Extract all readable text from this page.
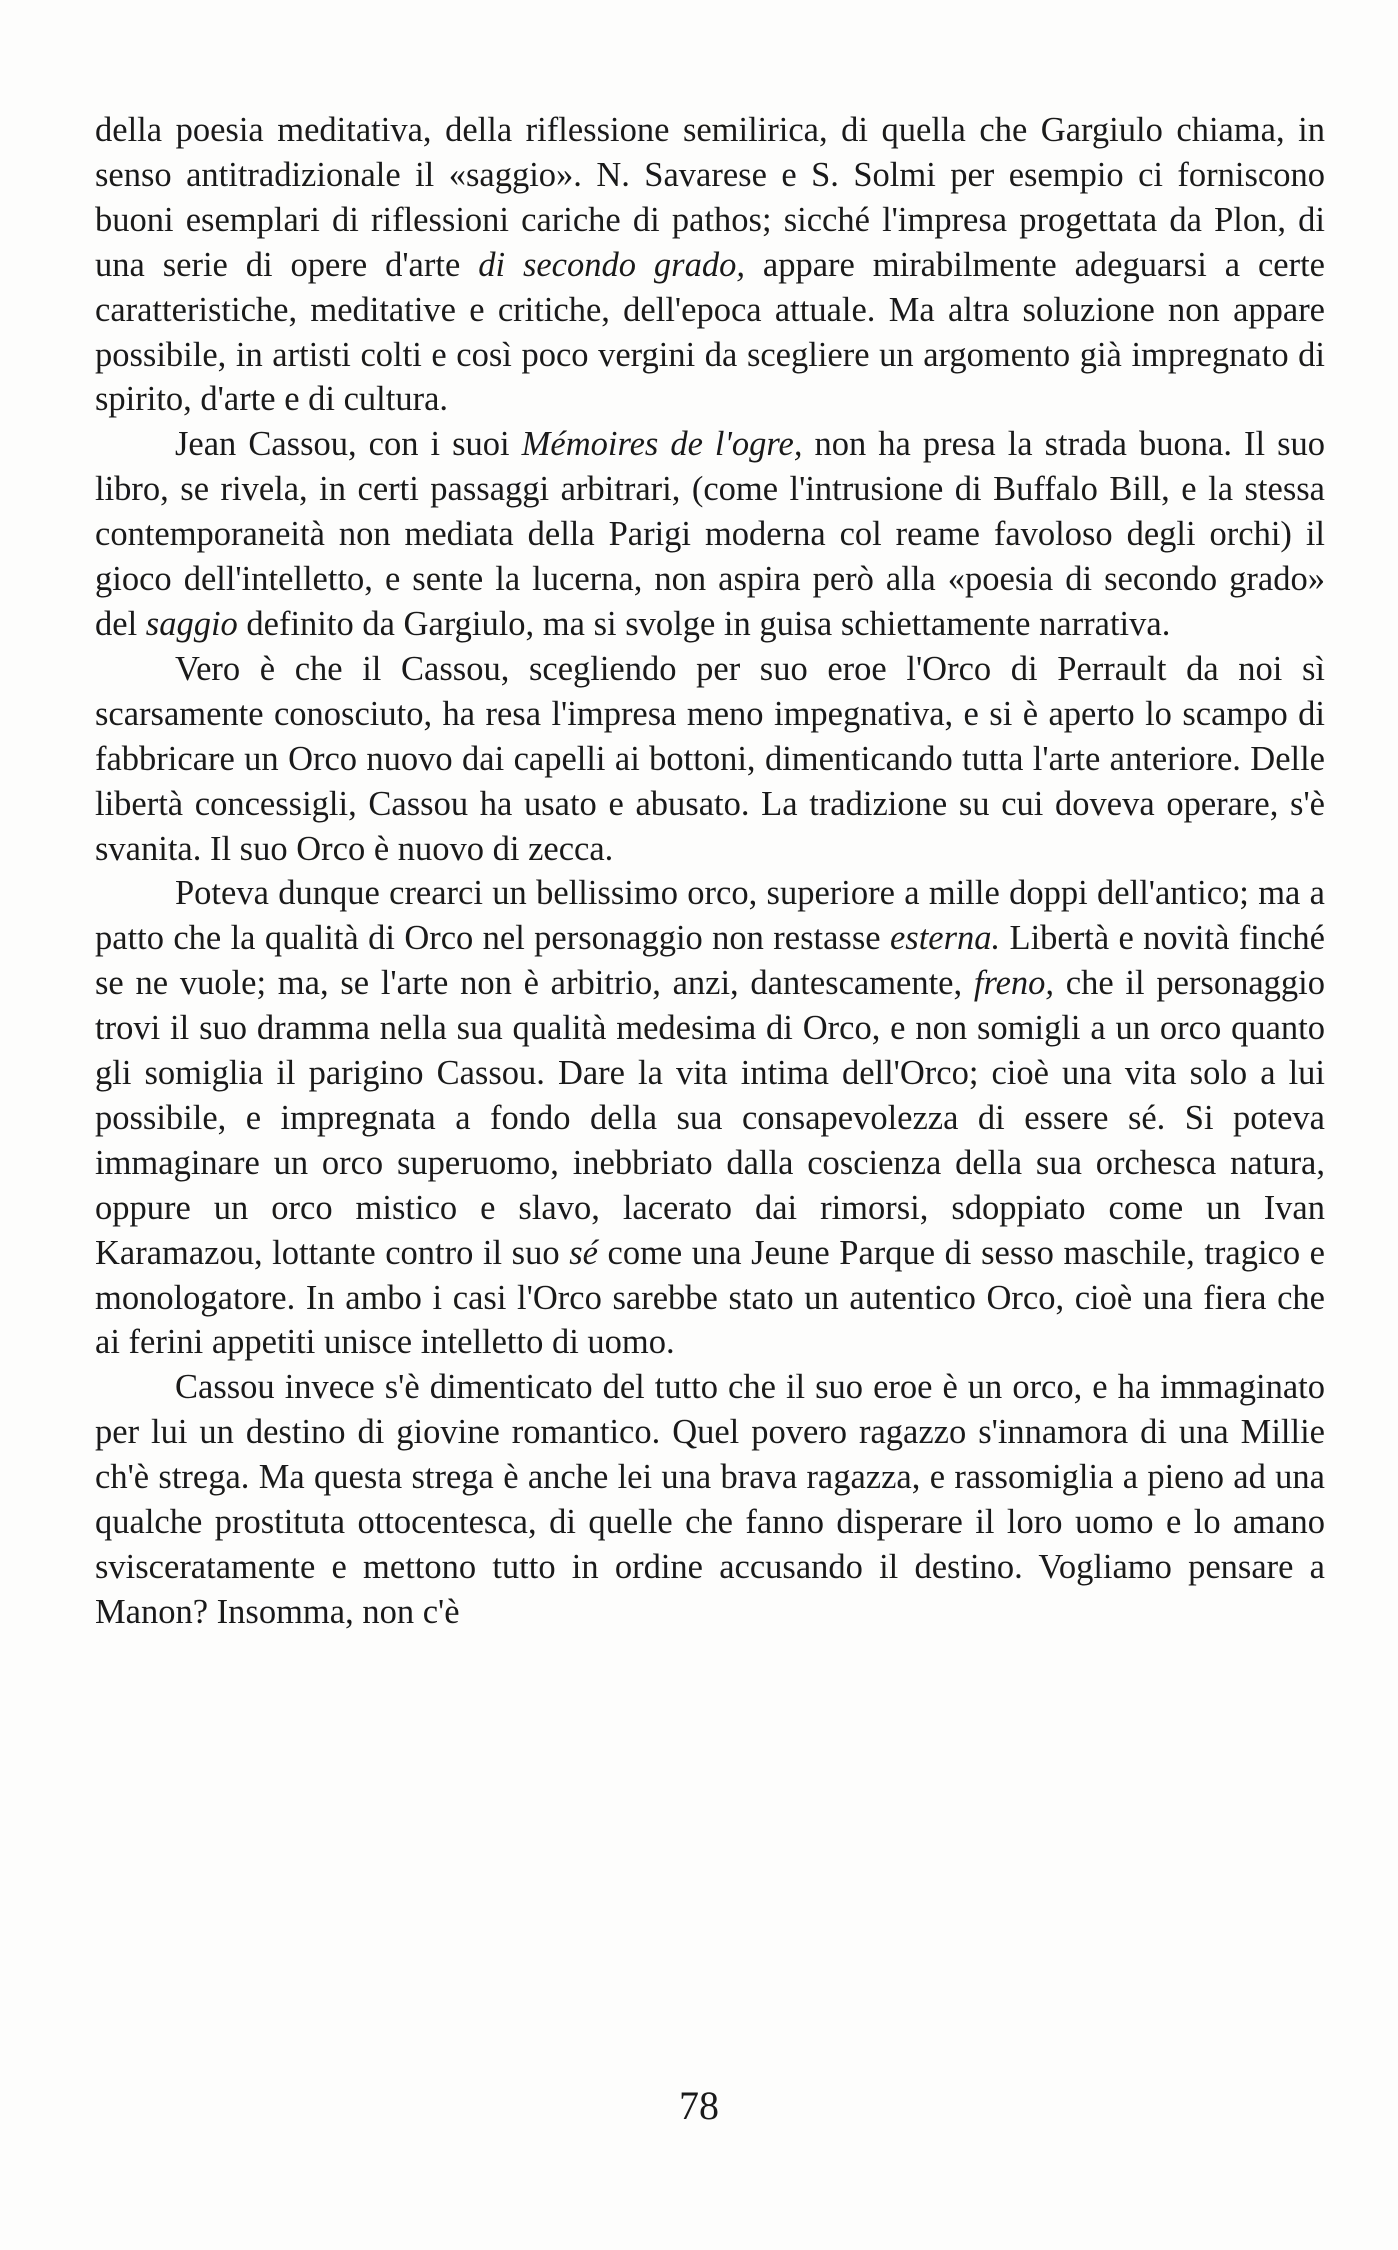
della poesia meditativa, della riflessione semilirica, di quella che Gargiulo chiama, in senso antitradizionale il «saggio». N. Savarese e S. Solmi per esempio ci forniscono buoni esemplari di riflessioni cariche di pathos; sicché l'impresa progettata da Plon, di una serie di opere d'arte di secondo grado, appare mirabilmente adeguarsi a certe caratteristiche, meditative e critiche, dell'epoca attuale. Ma altra soluzione non appare possibile, in artisti colti e così poco vergini da scegliere un argomento già impregnato di spirito, d'arte e di cultura.

Jean Cassou, con i suoi Mémoires de l'ogre, non ha presa la strada buona. Il suo libro, se rivela, in certi passaggi arbitrari, (come l'intrusione di Buffalo Bill, e la stessa contemporaneità non mediata della Parigi moderna col reame favoloso degli orchi) il gioco dell'intelletto, e sente la lucerna, non aspira però alla «poesia di secondo grado» del saggio definito da Gargiulo, ma si svolge in guisa schiettamente narrativa.

Vero è che il Cassou, scegliendo per suo eroe l'Orco di Perrault da noi sì scarsamente conosciuto, ha resa l'impresa meno impegnativa, e si è aperto lo scampo di fabbricare un Orco nuovo dai capelli ai bottoni, dimenticando tutta l'arte anteriore. Delle libertà concessigli, Cassou ha usato e abusato. La tradizione su cui doveva operare, s'è svanita. Il suo Orco è nuovo di zecca.

Poteva dunque crearci un bellissimo orco, superiore a mille doppi dell'antico; ma a patto che la qualità di Orco nel personaggio non restasse esterna. Libertà e novità finché se ne vuole; ma, se l'arte non è arbitrio, anzi, dantescamente, freno, che il personaggio trovi il suo dramma nella sua qualità medesima di Orco, e non somigli a un orco quanto gli somiglia il parigino Cassou. Dare la vita intima dell'Orco; cioè una vita solo a lui possibile, e impregnata a fondo della sua consapevolezza di essere sé. Si poteva immaginare un orco superuomo, inebbriato dalla coscienza della sua orchesca natura, oppure un orco mistico e slavo, lacerato dai rimorsi, sdoppiato come un Ivan Karamazou, lottante contro il suo sé come una Jeune Parque di sesso maschile, tragico e monologatore. In ambo i casi l'Orco sarebbe stato un autentico Orco, cioè una fiera che ai ferini appetiti unisce intelletto di uomo.

Cassou invece s'è dimenticato del tutto che il suo eroe è un orco, e ha immaginato per lui un destino di giovine romantico. Quel povero ragazzo s'innamora di una Millie ch'è strega. Ma questa strega è anche lei una brava ragazza, e rassomiglia a pieno ad una qualche prostituta ottocentesca, di quelle che fanno disperare il loro uomo e lo amano svisceratamente e mettono tutto in ordine accusando il destino. Vogliamo pensare a Manon? Insomma, non c'è

78
